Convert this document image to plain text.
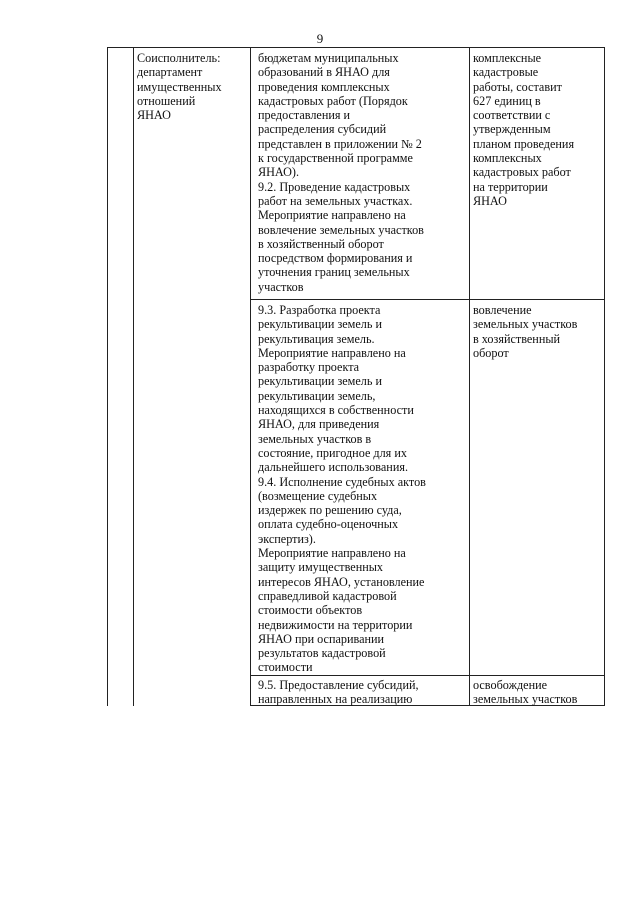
9
Соисполнитель:
департамент
имущественных
отношений
ЯНАО
бюджетам муниципальных
образований в ЯНАО для
проведения комплексных
кадастровых работ (Порядок
предоставления и
распределения субсидий
представлен в приложении № 2
к государственной программе
ЯНАО).
9.2. Проведение кадастровых
работ на земельных участках.
Мероприятие направлено на
вовлечение земельных участков
в хозяйственный оборот
посредством формирования и
уточнения границ земельных
участков
комплексные
кадастровые
работы, составит
627 единиц в
соответствии с
утвержденным
планом проведения
комплексных
кадастровых работ
на территории
ЯНАО
9.3. Разработка проекта
рекультивации земель и
рекультивация земель.
Мероприятие направлено на
разработку проекта
рекультивации земель и
рекультивации земель,
находящихся в собственности
ЯНАО, для приведения
земельных участков в
состояние, пригодное для их
дальнейшего использования.
9.4. Исполнение судебных актов
(возмещение судебных
издержек по решению суда,
оплата судебно-оценочных
экспертиз).
Мероприятие направлено на
защиту имущественных
интересов ЯНАО, установление
справедливой кадастровой
стоимости объектов
недвижимости на территории
ЯНАО при оспаривании
результатов кадастровой
стоимости
вовлечение
земельных участков
в хозяйственный
оборот
9.5. Предоставление субсидий,
направленных на реализацию
освобождение
земельных участков
